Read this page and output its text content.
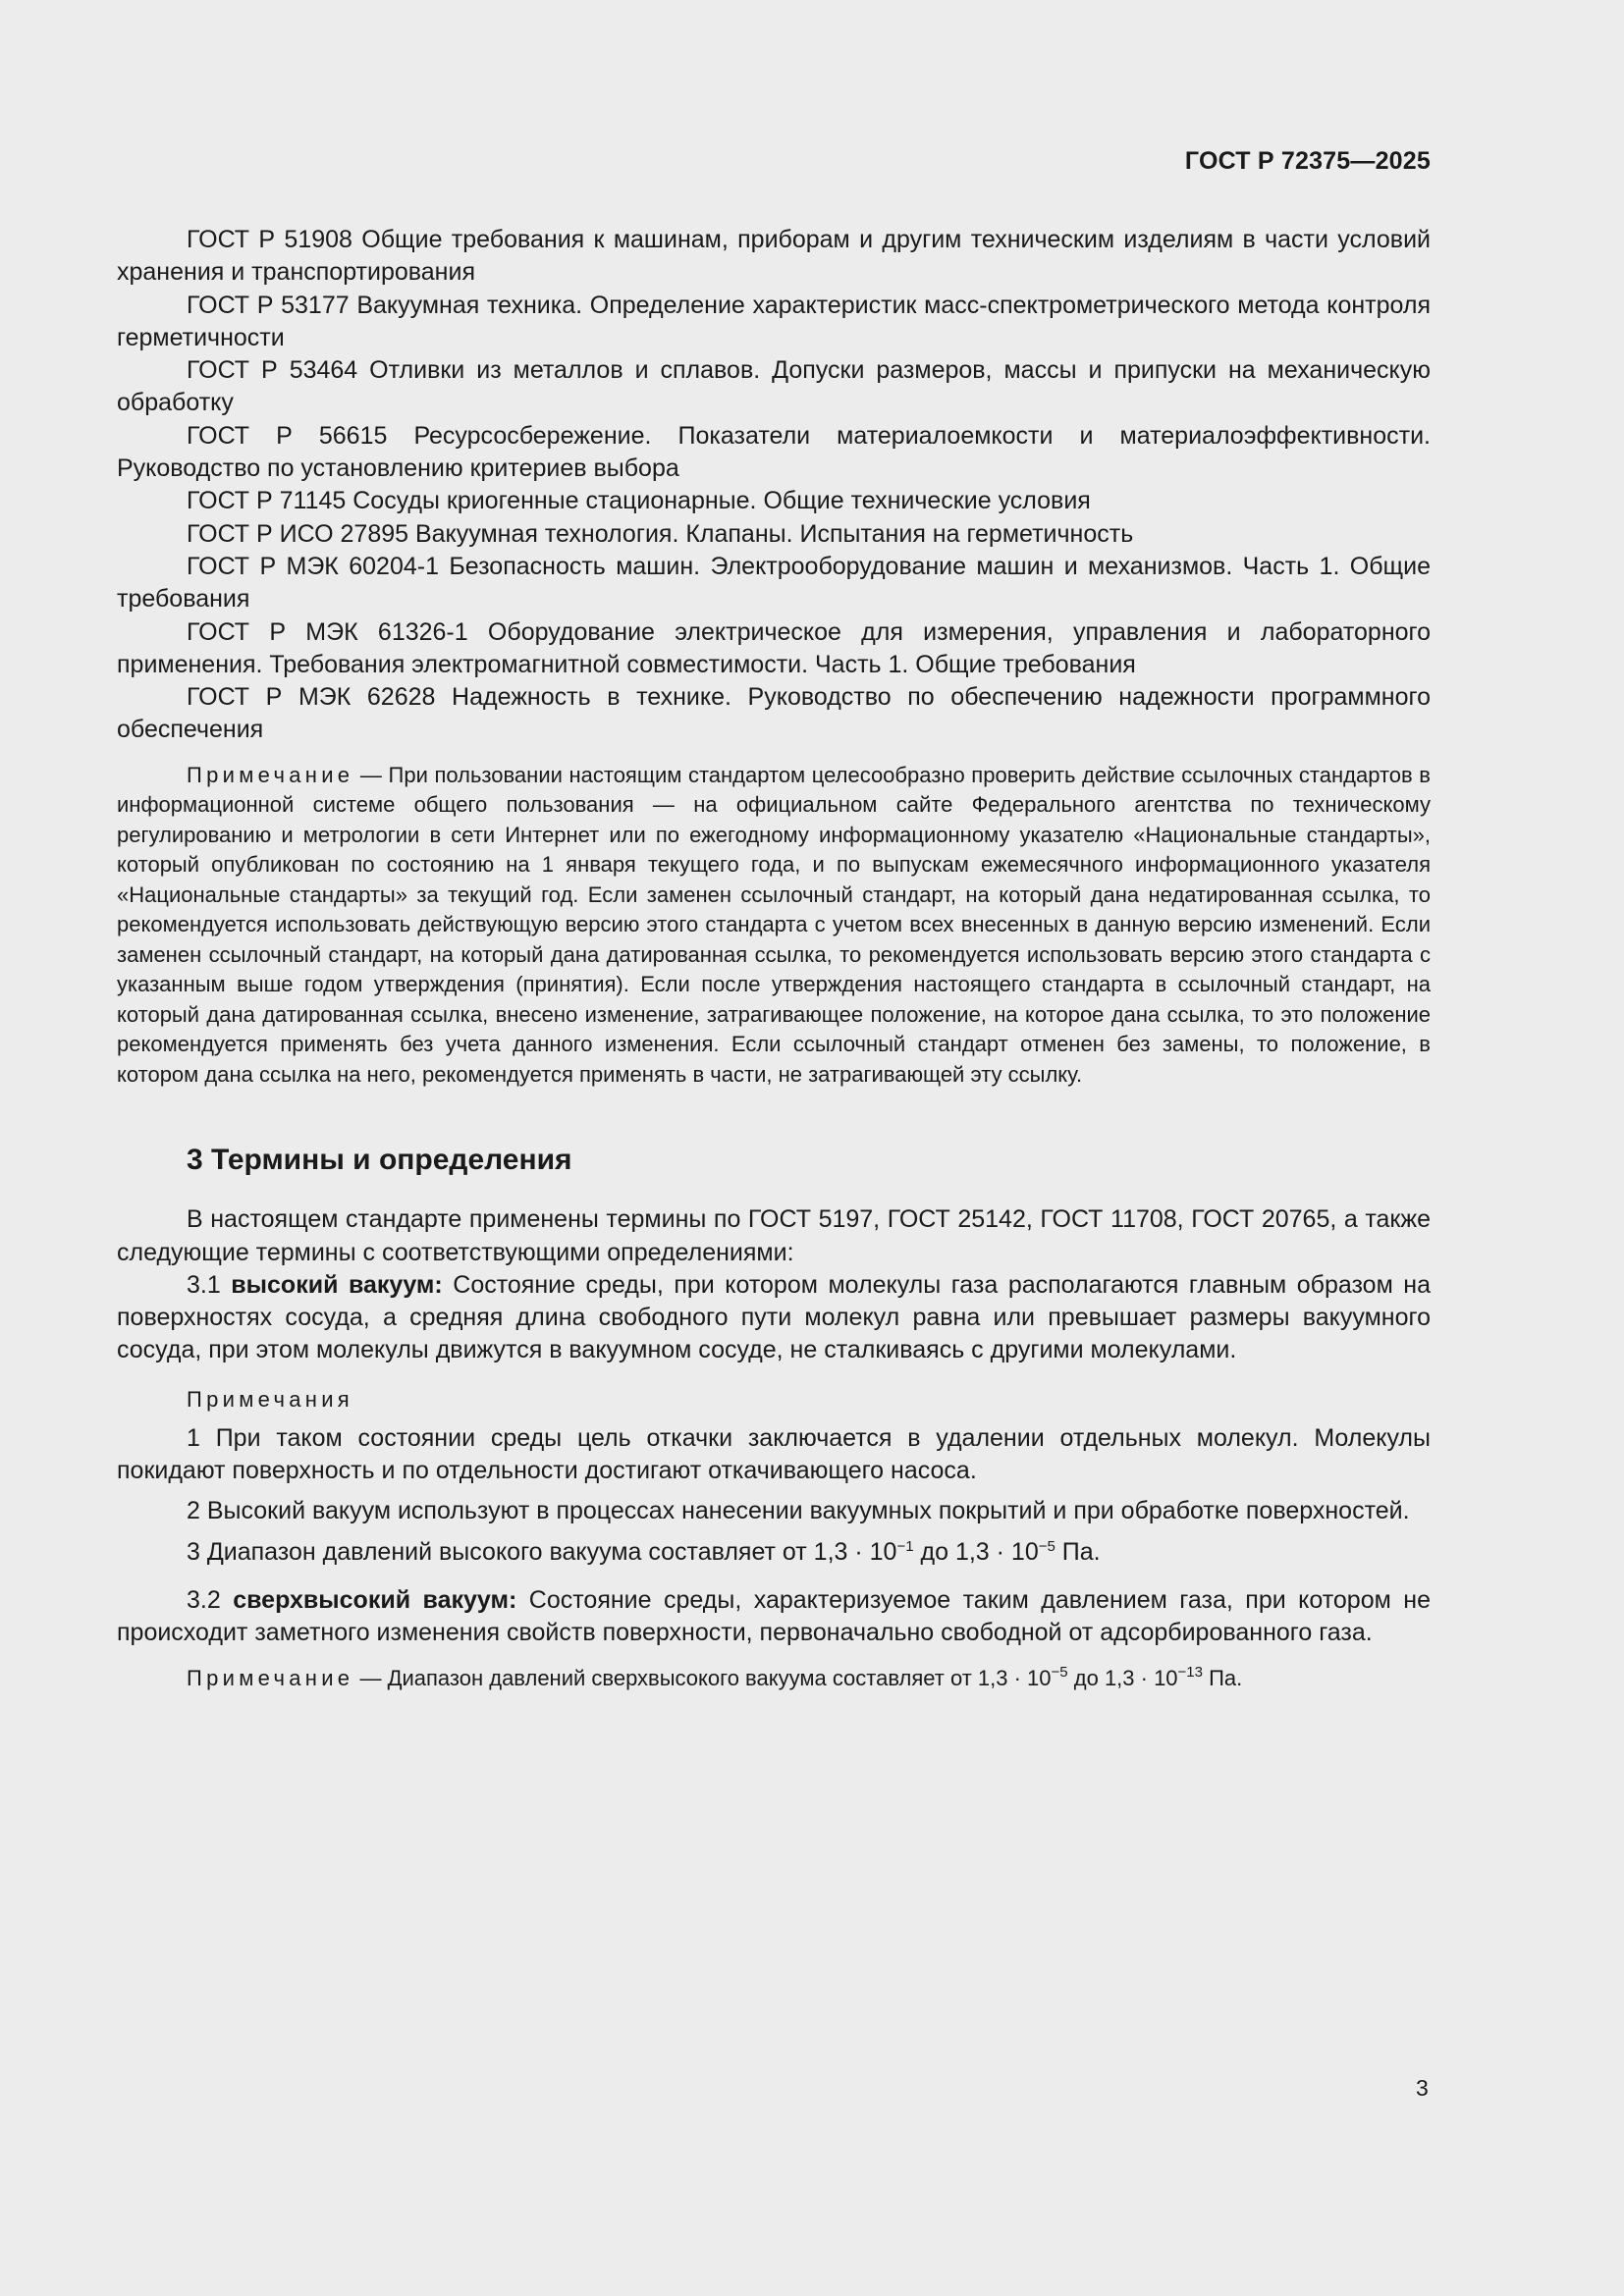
ГОСТ Р 72375—2025

ГОСТ Р 51908 Общие требования к машинам, приборам и другим техническим изделиям в части условий хранения и транспортирования

ГОСТ Р 53177 Вакуумная техника. Определение характеристик масс-спектрометрического метода контроля герметичности

ГОСТ Р 53464 Отливки из металлов и сплавов. Допуски размеров, массы и припуски на механическую обработку

ГОСТ Р 56615 Ресурсосбережение. Показатели материалоемкости и материалоэффективности. Руководство по установлению критериев выбора

ГОСТ Р 71145 Сосуды криогенные стационарные. Общие технические условия

ГОСТ Р ИСО 27895 Вакуумная технология. Клапаны. Испытания на герметичность

ГОСТ Р МЭК 60204-1 Безопасность машин. Электрооборудование машин и механизмов. Часть 1. Общие требования

ГОСТ Р МЭК 61326-1 Оборудование электрическое для измерения, управления и лабораторного применения. Требования электромагнитной совместимости. Часть 1. Общие требования

ГОСТ Р МЭК 62628 Надежность в технике. Руководство по обеспечению надежности программного обеспечения

Примечание — При пользовании настоящим стандартом целесообразно проверить действие ссылочных стандартов в информационной системе общего пользования — на официальном сайте Федерального агентства по техническому регулированию и метрологии в сети Интернет или по ежегодному информационному указателю «Национальные стандарты», который опубликован по состоянию на 1 января текущего года, и по выпускам ежемесячного информационного указателя «Национальные стандарты» за текущий год. Если заменен ссылочный стандарт, на который дана недатированная ссылка, то рекомендуется использовать действующую версию этого стандарта с учетом всех внесенных в данную версию изменений. Если заменен ссылочный стандарт, на который дана датированная ссылка, то рекомендуется использовать версию этого стандарта с указанным выше годом утверждения (принятия). Если после утверждения настоящего стандарта в ссылочный стандарт, на который дана датированная ссылка, внесено изменение, затрагивающее положение, на которое дана ссылка, то это положение рекомендуется применять без учета данного изменения. Если ссылочный стандарт отменен без замены, то положение, в котором дана ссылка на него, рекомендуется применять в части, не затрагивающей эту ссылку.
3 Термины и определения

В настоящем стандарте применены термины по ГОСТ 5197, ГОСТ 25142, ГОСТ 11708, ГОСТ 20765, а также следующие термины с соответствующими определениями:

3.1 высокий вакуум: Состояние среды, при котором молекулы газа располагаются главным образом на поверхностях сосуда, а средняя длина свободного пути молекул равна или превышает размеры вакуумного сосуда, при этом молекулы движутся в вакуумном сосуде, не сталкиваясь с другими молекулами.

Примечания

1 При таком состоянии среды цель откачки заключается в удалении отдельных молекул. Молекулы покидают поверхность и по отдельности достигают откачивающего насоса.

2 Высокий вакуум используют в процессах нанесении вакуумных покрытий и при обработке поверхностей.

3 Диапазон давлений высокого вакуума составляет от $1,3 \cdot 10^{-1}$ до $1,3 \cdot 10^{-5}$ Па.

3.2 сверхвысокий вакуум: Состояние среды, характеризуемое таким давлением газа, при котором не происходит заметного изменения свойств поверхности, первоначально свободной от адсорбированного газа.

Примечание — Диапазон давлений сверхвысокого вакуума составляет от $1,3 \cdot 10^{-5}$ до $1,3 \cdot 10^{-13}$ Па.
3
